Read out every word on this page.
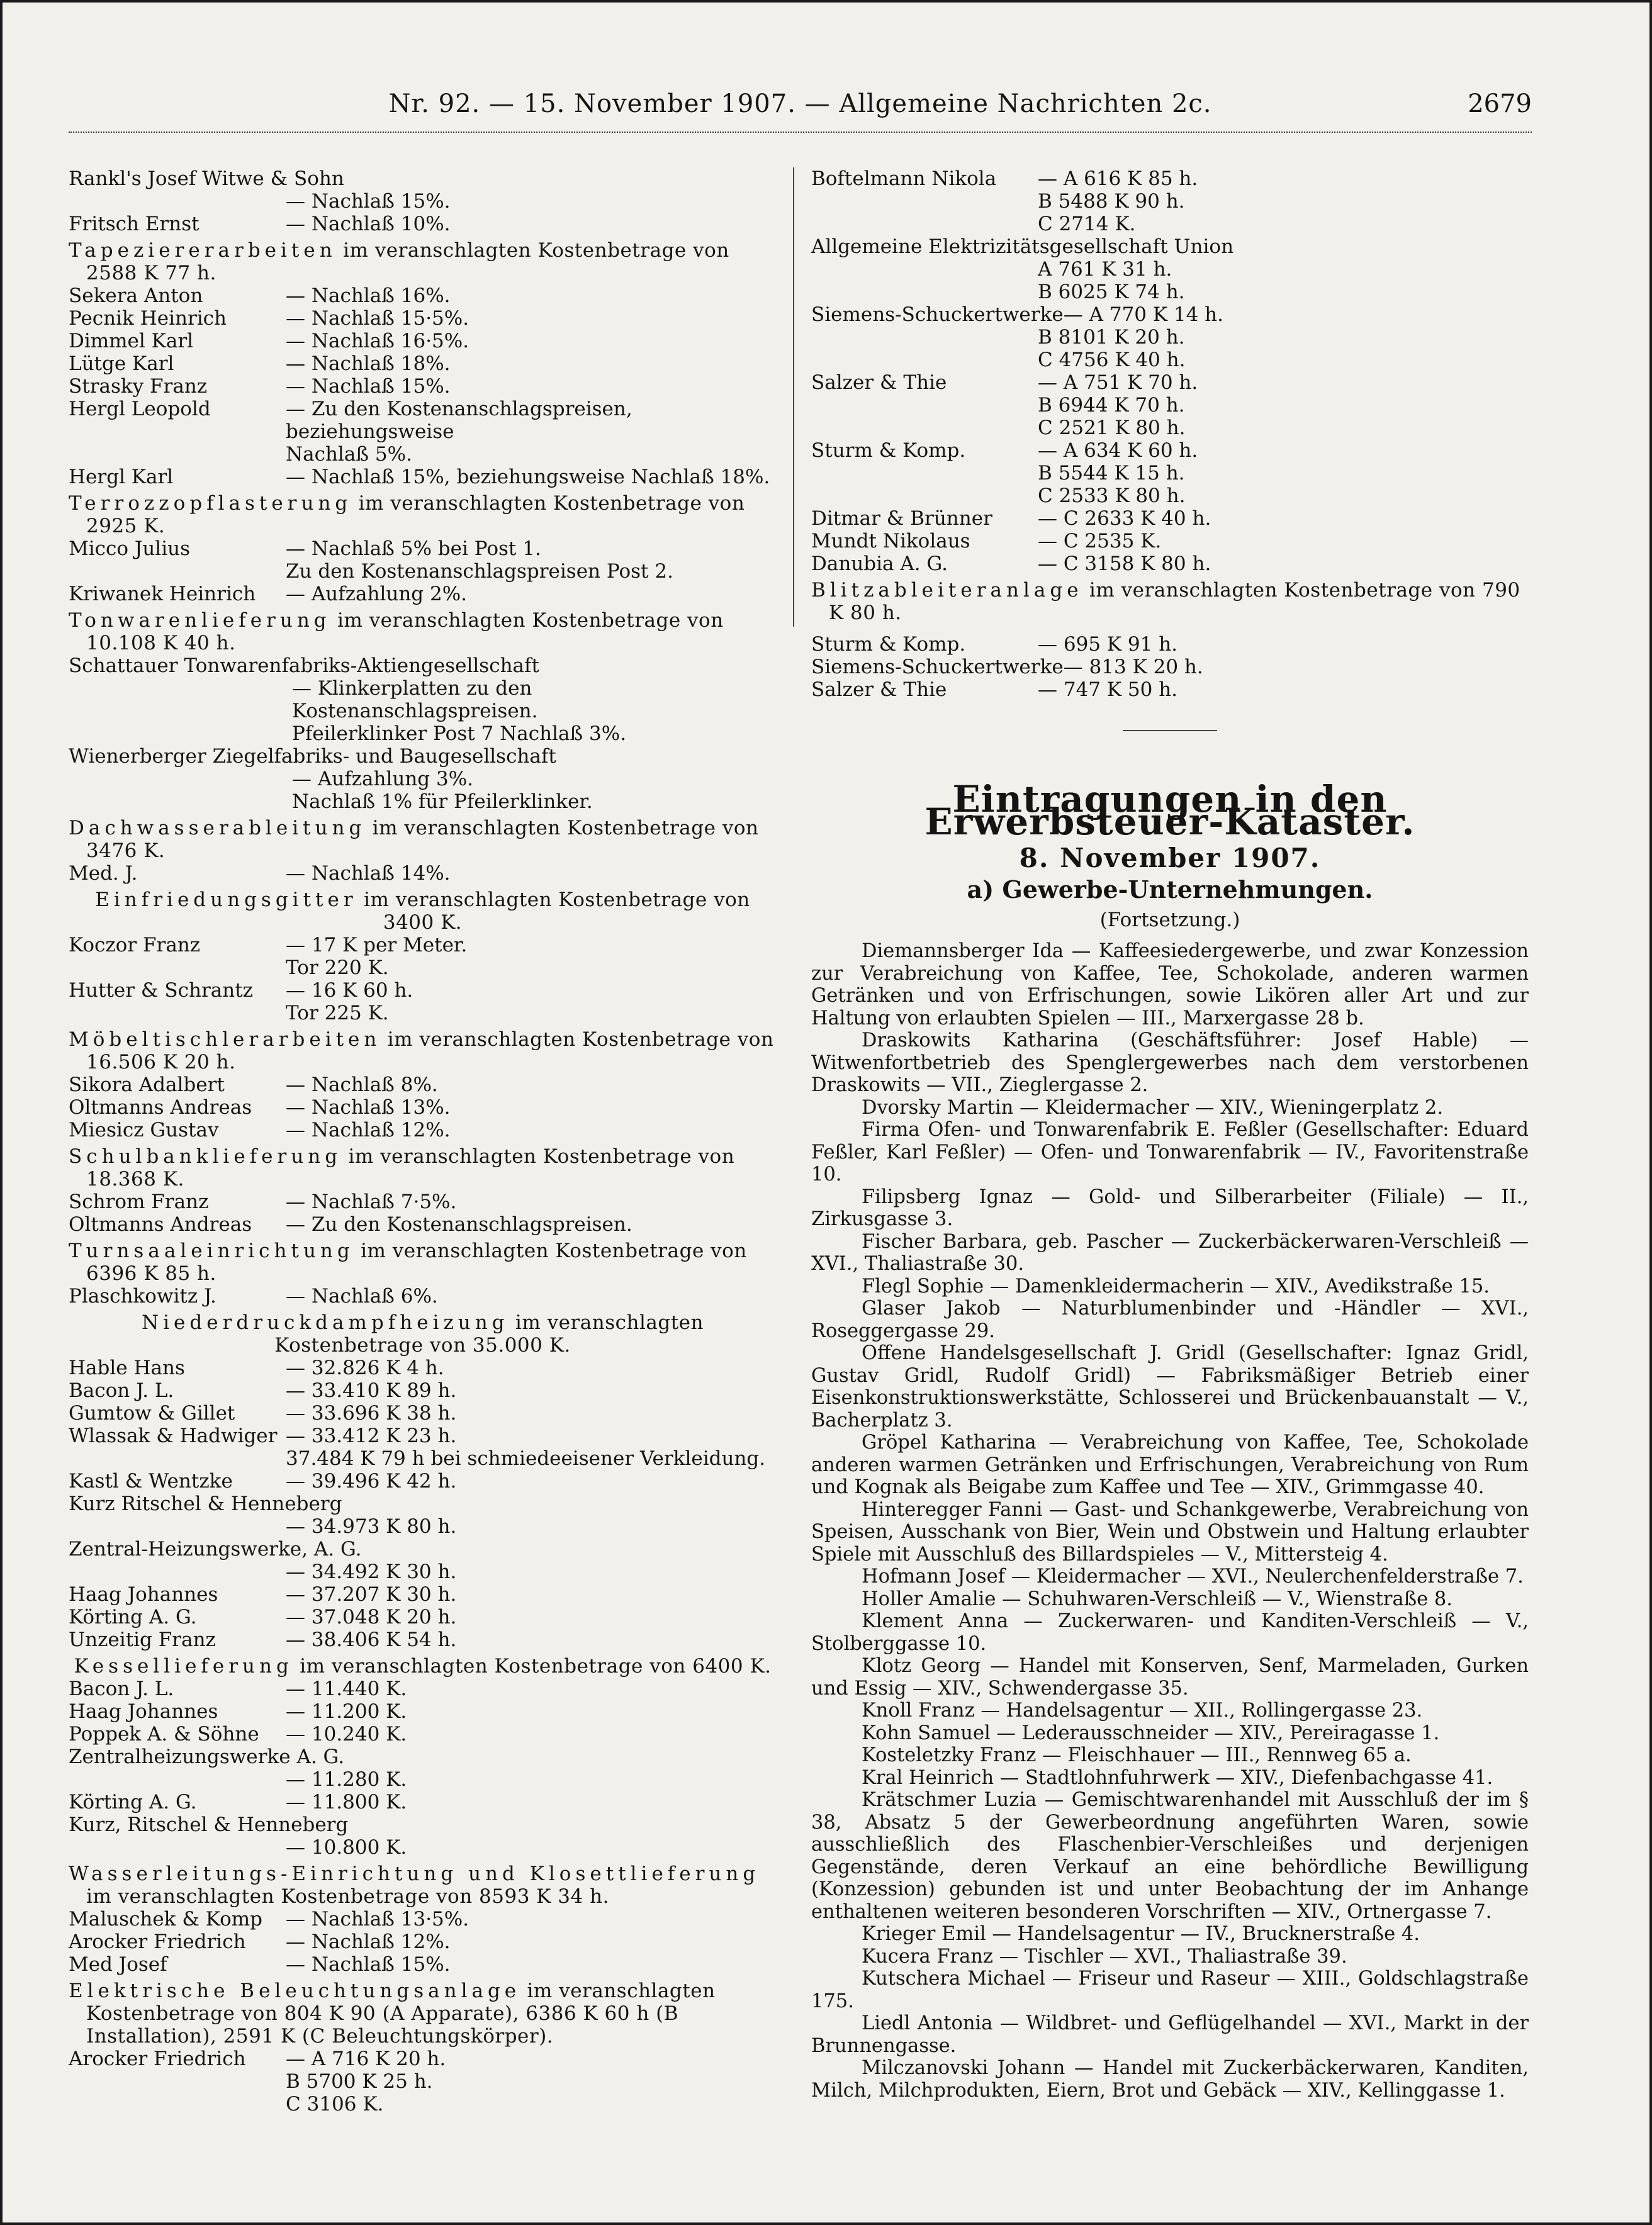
Nr. 92. — 15. November 1907. — Allgemeine Nachrichten 2c.	2679
Rankl's Josef Witwe & Sohn
— Nachlaß 15%.
Fritsch Ernst	— Nachlaß 10%.
Tapeziererarbeiten im veranschlagten Kostenbetrage von 2588 K 77 h.
Sekera Anton	— Nachlaß 16%.
Pecnik Heinrich	— Nachlaß 15·5%.
Dimmel Karl	— Nachlaß 16·5%.
Lütge Karl	— Nachlaß 18%.
Strasky Franz	— Nachlaß 15%.
Hergl Leopold	— Zu den Kostenanschlagspreisen, beziehungsweise
Nachlaß 5%.
Hergl Karl	— Nachlaß 15%, beziehungsweise Nachlaß 18%.
Terrozzopflasterung im veranschlagten Kostenbetrage von 2925 K.
Micco Julius	— Nachlaß 5% bei Post 1.
Zu den Kostenanschlagspreisen Post 2.
Kriwanek Heinrich	— Aufzahlung 2%.
Tonwarenlieferung im veranschlagten Kostenbetrage von 10.108 K 40 h.
Schattauer Tonwarenfabriks-Aktiengesellschaft
— Klinkerplatten zu den Kostenanschlagspreisen.
Pfeilerklinker Post 7 Nachlaß 3%.
Wienerberger Ziegelfabriks- und Baugesellschaft
— Aufzahlung 3%.
Nachlaß 1% für Pfeilerklinker.
Dachwasserableitung im veranschlagten Kostenbetrage von 3476 K.
Med. J.	— Nachlaß 14%.
Einfriedungsgitter im veranschlagten Kostenbetrage von 3400 K.
Koczor Franz	— 17 K per Meter.
Tor 220 K.
Hutter & Schrantz	— 16 K 60 h.
Tor 225 K.
Möbeltischlerarbeiten im veranschlagten Kostenbetrage von 16.506 K 20 h.
Sikora Adalbert	— Nachlaß 8%.
Oltmanns Andreas	— Nachlaß 13%.
Miesicz Gustav	— Nachlaß 12%.
Schulbanklieferung im veranschlagten Kostenbetrage von 18.368 K.
Schrom Franz	— Nachlaß 7·5%.
Oltmanns Andreas	— Zu den Kostenanschlagspreisen.
Turnsaaleinrichtung im veranschlagten Kostenbetrage von 6396 K 85 h.
Plaschkowitz J.	— Nachlaß 6%.
Niederdruckdampfheizung im veranschlagten Kostenbetrage von 35.000 K.
Hable Hans	— 32.826 K 4 h.
Bacon J. L.	— 33.410 K 89 h.
Gumtow & Gillet	— 33.696 K 38 h.
Wlassak & Hadwiger — 33.412 K 23 h.
37.484 K 79 h bei schmiedeeisener Verkleidung.
Kastl & Wentzke	— 39.496 K 42 h.
Kurz Ritschel & Henneberg
— 34.973 K 80 h.
Zentral-Heizungswerke, A. G.
— 34.492 K 30 h.
Haag Johannes	— 37.207 K 30 h.
Körting A. G.	— 37.048 K 20 h.
Unzeitig Franz	— 38.406 K 54 h.
Kessellieferung im veranschlagten Kostenbetrage von 6400 K.
Bacon J. L.	— 11.440 K.
Haag Johannes	— 11.200 K.
Poppek A. & Söhne	— 10.240 K.
Zentralheizungswerke A. G.
— 11.280 K.
Körting A. G.	— 11.800 K.
Kurz, Ritschel & Henneberg
— 10.800 K.
Wasserleitungs-Einrichtung und Klosettlieferung im veranschlagten Kostenbetrage von 8593 K 34 h.
Maluschek & Komp	— Nachlaß 13·5%.
Arocker Friedrich	— Nachlaß 12%.
Med Josef	— Nachlaß 15%.
Elektrische Beleuchtungsanlage im veranschlagten Kostenbetrage von 804 K 90 (A Apparate), 6386 K 60 h (B Installation), 2591 K (C Beleuchtungskörper).
Arocker Friedrich	— A 716 K 20 h.
B 5700 K 25 h.
C 3106 K.
Boftelmann Nikola	— A 616 K 85 h.
B 5488 K 90 h.
C 2714 K.
Allgemeine Elektrizitätsgesellschaft Union
A 761 K 31 h.
B 6025 K 74 h.
Siemens-Schuckertwerke — A 770 K 14 h.
B 8101 K 20 h.
C 4756 K 40 h.
Salzer & Thie	— A 751 K 70 h.
B 6944 K 70 h.
C 2521 K 80 h.
Sturm & Komp.	— A 634 K 60 h.
B 5544 K 15 h.
C 2533 K 80 h.
Ditmar & Brünner	— C 2633 K 40 h.
Mundt Nikolaus	— C 2535 K.
Danubia A. G.	— C 3158 K 80 h.
Blitzableiteranlage im veranschlagten Kostenbetrage von 790 K 80 h.
Sturm & Komp.	— 695 K 91 h.
Siemens-Schuckertwerke — 813 K 20 h.
Salzer & Thie	— 747 K 50 h.
Eintragungen in den Erwerbsteuer-Kataster.
8. November 1907.
a) Gewerbe-Unternehmungen.
(Fortsetzung.)
Diemannsberger Ida — Kaffeesiedergewerbe, und zwar Konzession zur Verabreichung von Kaffee, Tee, Schokolade, anderen warmen Getränken und von Erfrischungen, sowie Likören aller Art und zur Haltung von erlaubten Spielen — III., Marxergasse 28 b.
Draskowits Katharina (Geschäftsführer: Josef Hable) — Witwenfortbetrieb des Spenglergewerbes nach dem verstorbenen Draskowits — VII., Zieglergasse 2.
Dvorsky Martin — Kleidermacher — XIV., Wieningerplatz 2.
Firma Ofen- und Tonwarenfabrik E. Feßler (Gesellschafter: Eduard Feßler, Karl Feßler) — Ofen- und Tonwarenfabrik — IV., Favoritenstraße 10.
Filipsberg Ignaz — Gold- und Silberarbeiter (Filiale) — II., Zirkusgasse 3.
Fischer Barbara, geb. Pascher — Zuckerbäckerwaren-Verschleiß — XVI., Thaliastraße 30.
Flegl Sophie — Damenkleidermacherin — XIV., Avedikstraße 15.
Glaser Jakob — Naturblumenbinder und -Händler — XVI., Roseggergasse 29.
Offene Handelsgesellschaft J. Gridl (Gesellschafter: Ignaz Gridl, Gustav Gridl, Rudolf Gridl) — Fabriksmäßiger Betrieb einer Eisenkonstruktionswerkstätte, Schlosserei und Brückenbauanstalt — V., Bacherplatz 3.
Gröpel Katharina — Verabreichung von Kaffee, Tee, Schokolade anderen warmen Getränken und Erfrischungen, Verabreichung von Rum und Kognak als Beigabe zum Kaffee und Tee — XIV., Grimmgasse 40.
Hinteregger Fanni — Gast- und Schankgewerbe, Verabreichung von Speisen, Ausschank von Bier, Wein und Obstwein und Haltung erlaubter Spiele mit Ausschluß des Billardspieles — V., Mittersteig 4.
Hofmann Josef — Kleidermacher — XVI., Neulerchenfelderstraße 7.
Holler Amalie — Schuhwaren-Verschleiß — V., Wienstraße 8.
Klement Anna — Zuckerwaren- und Kanditen-Verschleiß — V., Stolberggasse 10.
Klotz Georg — Handel mit Konserven, Senf, Marmeladen, Gurken und Essig — XIV., Schwendergasse 35.
Knoll Franz — Handelsagentur — XII., Rollingergasse 23.
Kohn Samuel — Lederausschneider — XIV., Pereiragasse 1.
Kosteletzky Franz — Fleischhauer — III., Rennweg 65 a.
Kral Heinrich — Stadtlohnfuhrwerk — XIV., Diefenbachgasse 41.
Krätschmer Luzia — Gemischtwarenhandel mit Ausschluß der im § 38, Absatz 5 der Gewerbeordnung angeführten Waren, sowie ausschließlich des Flaschenbier-Verschleißes und derjenigen Gegenstände, deren Verkauf an eine behördliche Bewilligung (Konzession) gebunden ist und unter Beobachtung der im Anhange enthaltenen weiteren besonderen Vorschriften — XIV., Ortnergasse 7.
Krieger Emil — Handelsagentur — IV., Brucknerstraße 4.
Kucera Franz — Tischler — XVI., Thaliastraße 39.
Kutschera Michael — Friseur und Raseur — XIII., Goldschlagstraße 175.
Liedl Antonia — Wildbret- und Geflügelhandel — XVI., Markt in der Brunnengasse.
Milczanovski Johann — Handel mit Zuckerbäckerwaren, Kanditen, Milch, Milchprodukten, Eiern, Brot und Gebäck — XIV., Kellinggasse 1.
